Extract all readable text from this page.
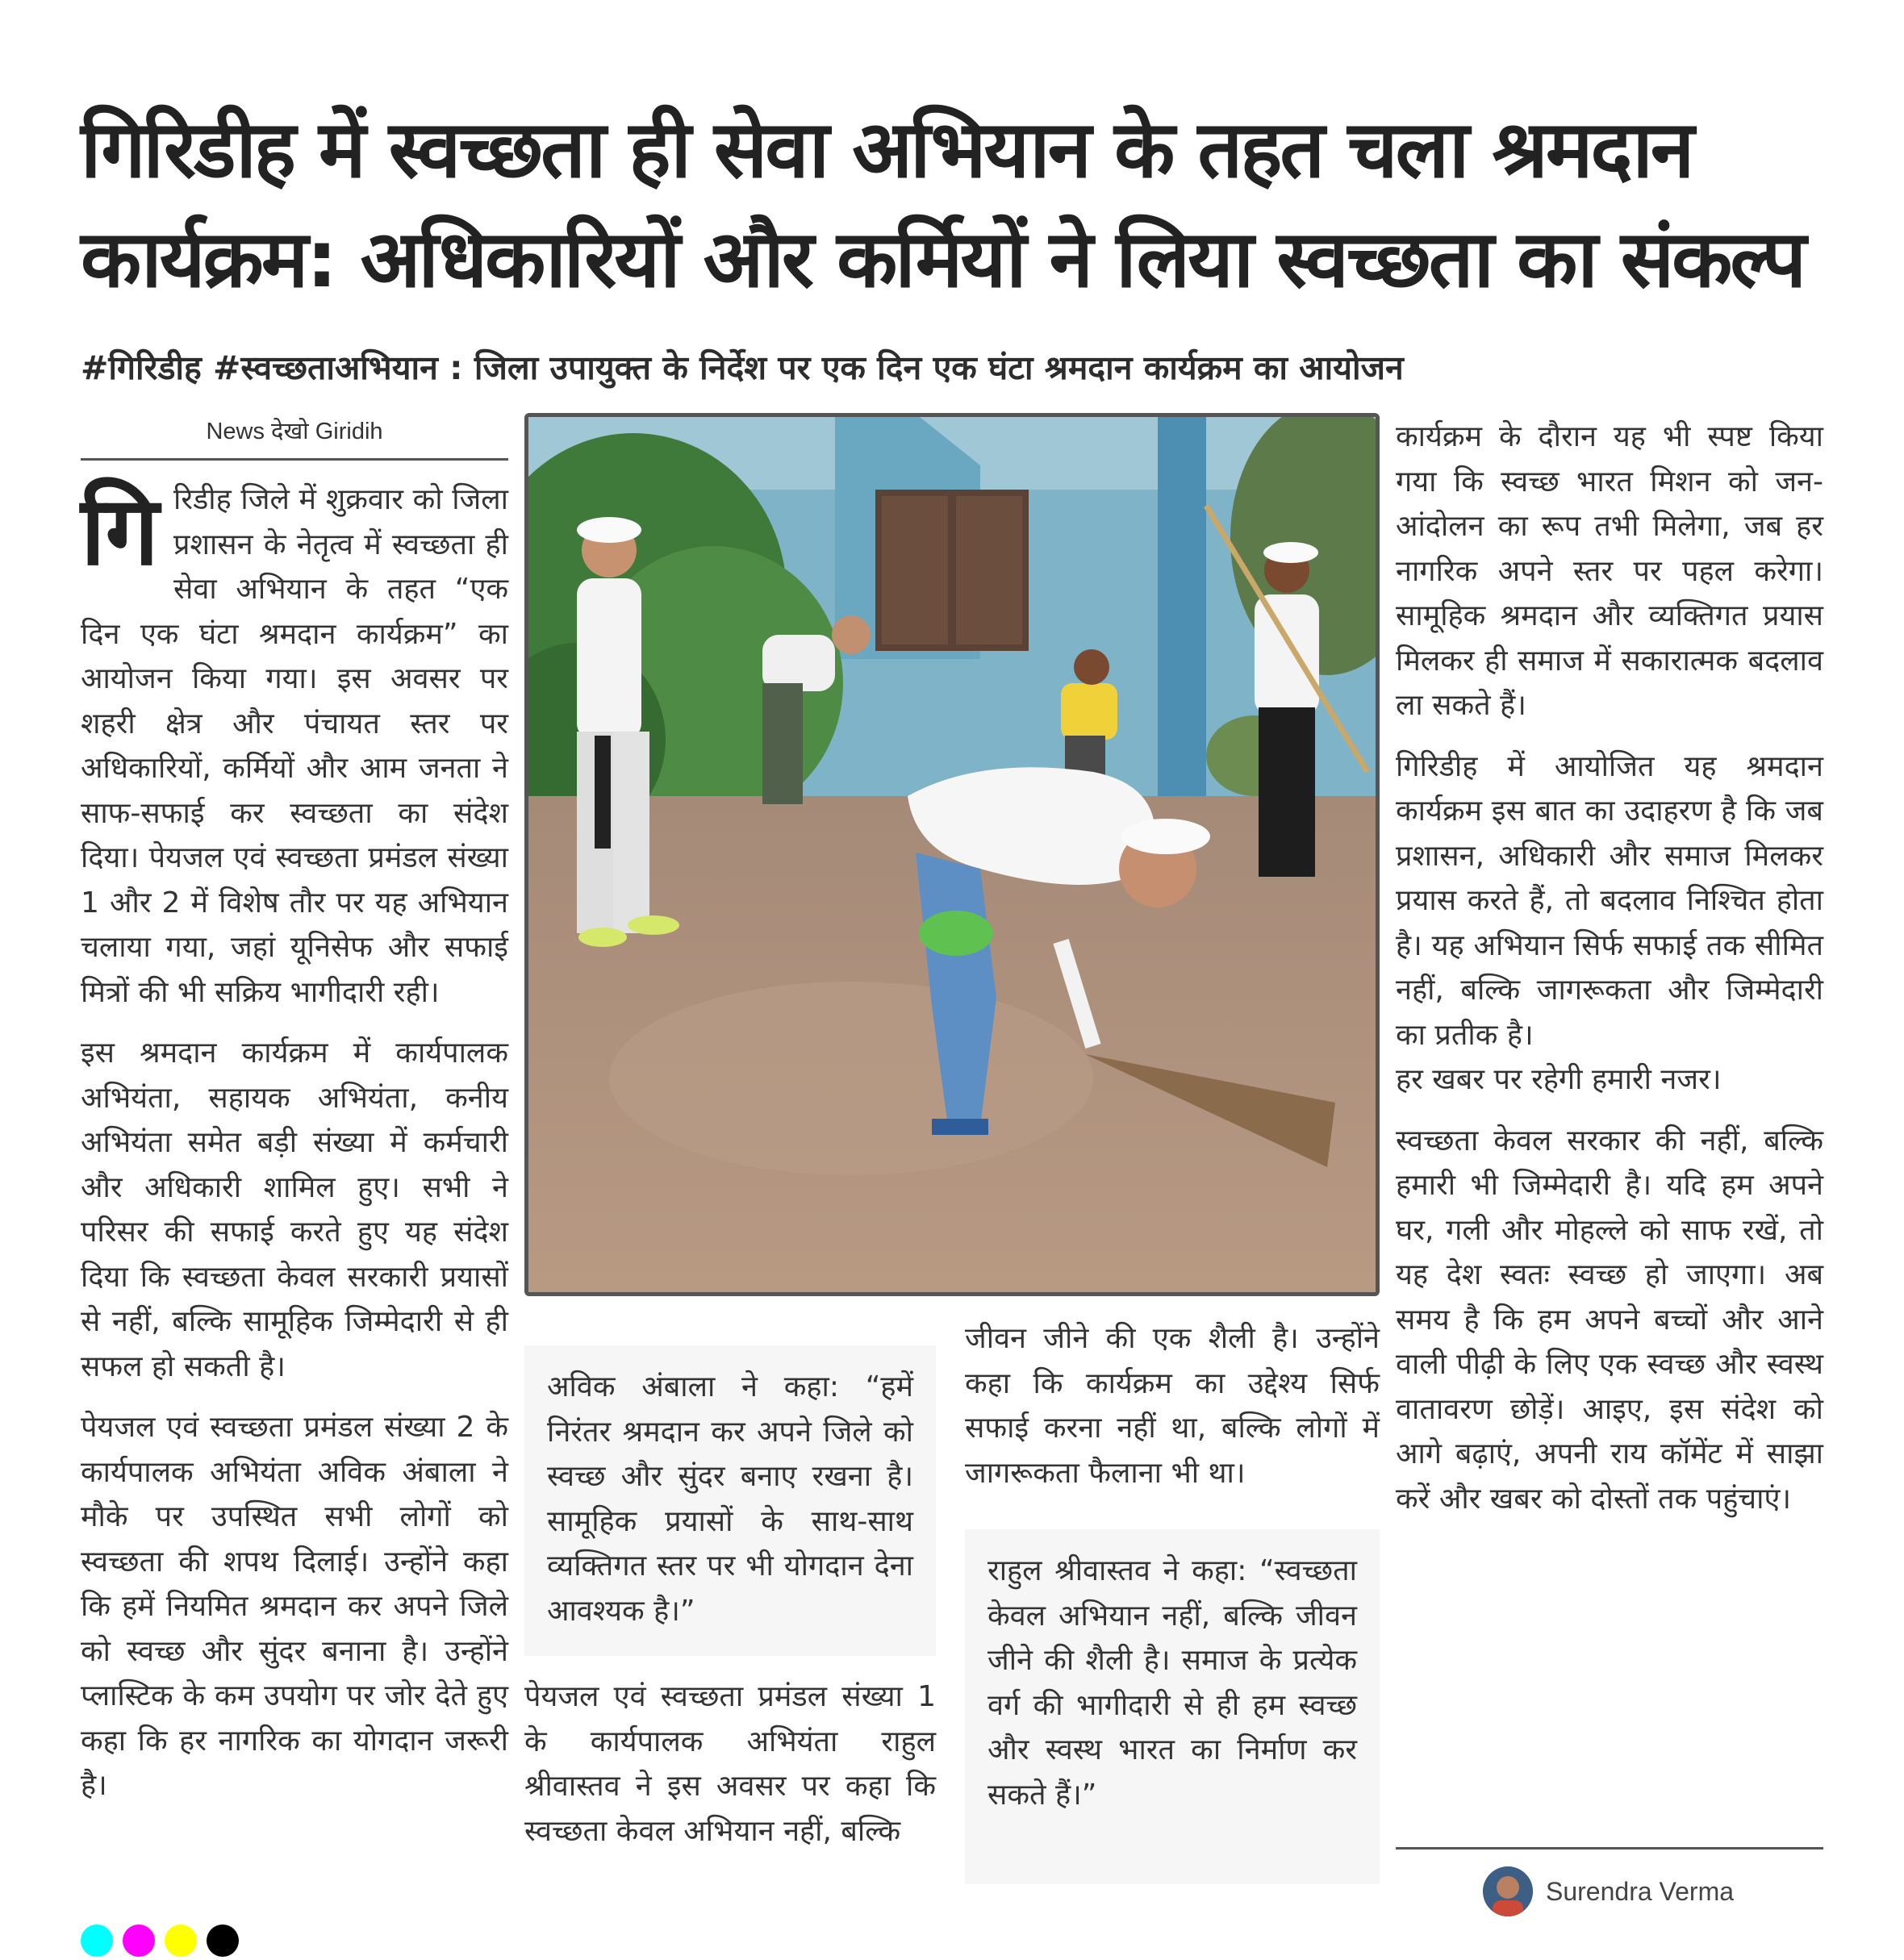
गिरिडीह में स्वच्छता ही सेवा अभियान के तहत चला श्रमदान
कार्यक्रम: अधिकारियों और कर्मियों ने लिया स्वच्छता का संकल्प
#गिरिडीह #स्वच्छताअभियान : जिला उपायुक्त के निर्देश पर एक दिन एक घंटा श्रमदान कार्यक्रम का आयोजन
News देखो Giridih

गिरिडीह जिले में शुक्रवार को जिला प्रशासन के नेतृत्व में स्वच्छता ही सेवा अभियान के तहत “एक दिन एक घंटा श्रमदान कार्यक्रम” का आयोजन किया गया। इस अवसर पर शहरी क्षेत्र और पंचायत स्तर पर अधिकारियों, कर्मियों और आम जनता ने साफ-सफाई कर स्वच्छता का संदेश दिया। पेयजल एवं स्वच्छता प्रमंडल संख्या 1 और 2 में विशेष तौर पर यह अभियान चलाया गया, जहां यूनिसेफ और सफाई मित्रों की भी सक्रिय भागीदारी रही।

इस श्रमदान कार्यक्रम में कार्यपालक अभियंता, सहायक अभियंता, कनीय अभियंता समेत बड़ी संख्या में कर्मचारी और अधिकारी शामिल हुए। सभी ने परिसर की सफाई करते हुए यह संदेश दिया कि स्वच्छता केवल सरकारी प्रयासों से नहीं, बल्कि सामूहिक जिम्मेदारी से ही सफल हो सकती है।

पेयजल एवं स्वच्छता प्रमंडल संख्या 2 के कार्यपालक अभियंता अविक अंबाला ने मौके पर उपस्थित सभी लोगों को स्वच्छता की शपथ दिलाई। उन्होंने कहा कि हमें नियमित श्रमदान कर अपने जिले को स्वच्छ और सुंदर बनाना है। उन्होंने प्लास्टिक के कम उपयोग पर जोर देते हुए कहा कि हर नागरिक का योगदान जरूरी है।

अविक अंबाला ने कहा: “हमें निरंतर श्रमदान कर अपने जिले को स्वच्छ और सुंदर बनाए रखना है। सामूहिक प्रयासों के साथ-साथ व्यक्तिगत स्तर पर भी योगदान देना आवश्यक है।”

पेयजल एवं स्वच्छता प्रमंडल संख्या 1 के कार्यपालक अभियंता राहुल श्रीवास्तव ने इस अवसर पर कहा कि स्वच्छता केवल अभियान नहीं, बल्कि

जीवन जीने की एक शैली है। उन्होंने कहा कि कार्यक्रम का उद्देश्य सिर्फ सफाई करना नहीं था, बल्कि लोगों में जागरूकता फैलाना भी था।

राहुल श्रीवास्तव ने कहा: “स्वच्छता केवल अभियान नहीं, बल्कि जीवन जीने की शैली है। समाज के प्रत्येक वर्ग की भागीदारी से ही हम स्वच्छ और स्वस्थ भारत का निर्माण कर सकते हैं।”

कार्यक्रम के दौरान यह भी स्पष्ट किया गया कि स्वच्छ भारत मिशन को जन-आंदोलन का रूप तभी मिलेगा, जब हर नागरिक अपने स्तर पर पहल करेगा। सामूहिक श्रमदान और व्यक्तिगत प्रयास मिलकर ही समाज में सकारात्मक बदलाव ला सकते हैं।

गिरिडीह में आयोजित यह श्रमदान कार्यक्रम इस बात का उदाहरण है कि जब प्रशासन, अधिकारी और समाज मिलकर प्रयास करते हैं, तो बदलाव निश्चित होता है। यह अभियान सिर्फ सफाई तक सीमित नहीं, बल्कि जागरूकता और जिम्मेदारी का प्रतीक है।

हर खबर पर रहेगी हमारी नजर।

स्वच्छता केवल सरकार की नहीं, बल्कि हमारी भी जिम्मेदारी है। यदि हम अपने घर, गली और मोहल्ले को साफ रखें, तो यह देश स्वतः स्वच्छ हो जाएगा। अब समय है कि हम अपने बच्चों और आने वाली पीढ़ी के लिए एक स्वच्छ और स्वस्थ वातावरण छोड़ें। आइए, इस संदेश को आगे बढ़ाएं, अपनी राय कॉमेंट में साझा करें और खबर को दोस्तों तक पहुंचाएं।

Surendra Verma
